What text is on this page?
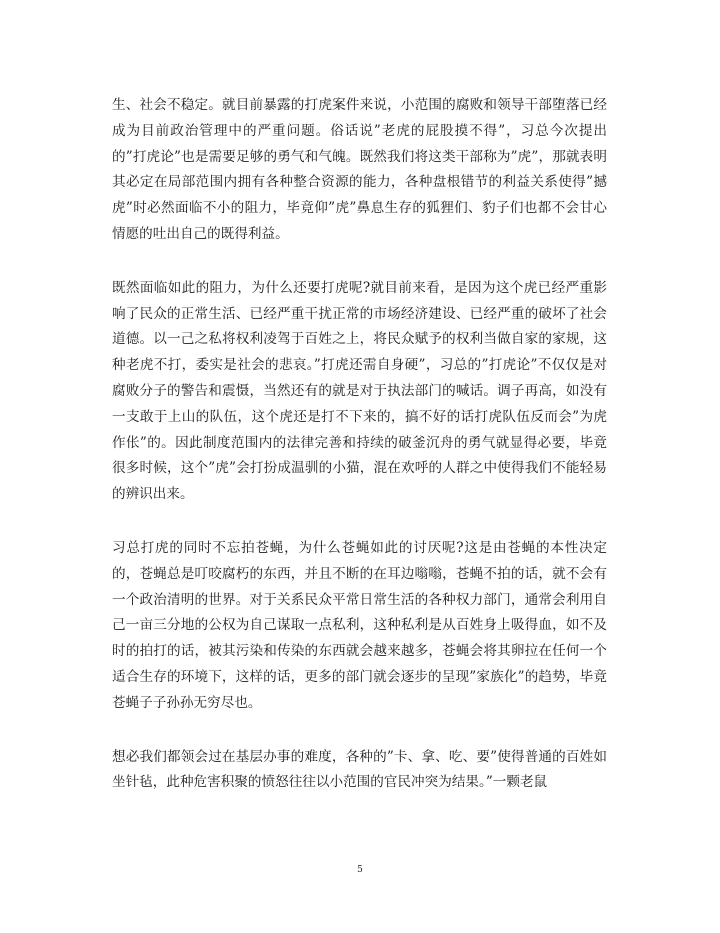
生、社会不稳定。就目前暴露的打虎案件来说，小范围的腐败和领导干部堕落已经成为目前政治管理中的严重问题。俗话说”老虎的屁股摸不得”，习总今次提出的”打虎论”也是需要足够的勇气和气魄。既然我们将这类干部称为”虎”，那就表明其必定在局部范围内拥有各种整合资源的能力，各种盘根错节的利益关系使得”撼虎”时必然面临不小的阻力，毕竟仰”虎”鼻息生存的狐狸们、豹子们也都不会甘心情愿的吐出自己的既得利益。

既然面临如此的阻力，为什么还要打虎呢?就目前来看，是因为这个虎已经严重影响了民众的正常生活、已经严重干扰正常的市场经济建设、已经严重的破坏了社会道德。以一己之私将权利凌驾于百姓之上，将民众赋予的权利当做自家的家规，这种老虎不打，委实是社会的悲哀。”打虎还需自身硬”，习总的”打虎论”不仅仅是对腐败分子的警告和震慑，当然还有的就是对于执法部门的喊话。调子再高，如没有一支敢于上山的队伍，这个虎还是打不下来的，搞不好的话打虎队伍反而会”为虎作伥”的。因此制度范围内的法律完善和持续的破釜沉舟的勇气就显得必要，毕竟很多时候，这个”虎”会打扮成温驯的小猫，混在欢呼的人群之中使得我们不能轻易的辨识出来。

习总打虎的同时不忘拍苍蝇，为什么苍蝇如此的讨厌呢?这是由苍蝇的本性决定的，苍蝇总是叮咬腐朽的东西，并且不断的在耳边嗡嗡，苍蝇不拍的话，就不会有一个政治清明的世界。对于关系民众平常日常生活的各种权力部门，通常会利用自己一亩三分地的公权为自己谋取一点私利，这种私利是从百姓身上吸得血，如不及时的拍打的话，被其污染和传染的东西就会越来越多，苍蝇会将其卵拉在任何一个适合生存的环境下，这样的话，更多的部门就会逐步的呈现”家族化”的趋势，毕竟苍蝇子子孙孙无穷尽也。

想必我们都领会过在基层办事的难度，各种的”卡、拿、吃、要”使得普通的百姓如坐针毡，此种危害积聚的愤怒往往以小范围的官民冲突为结果。”一颗老鼠

5
